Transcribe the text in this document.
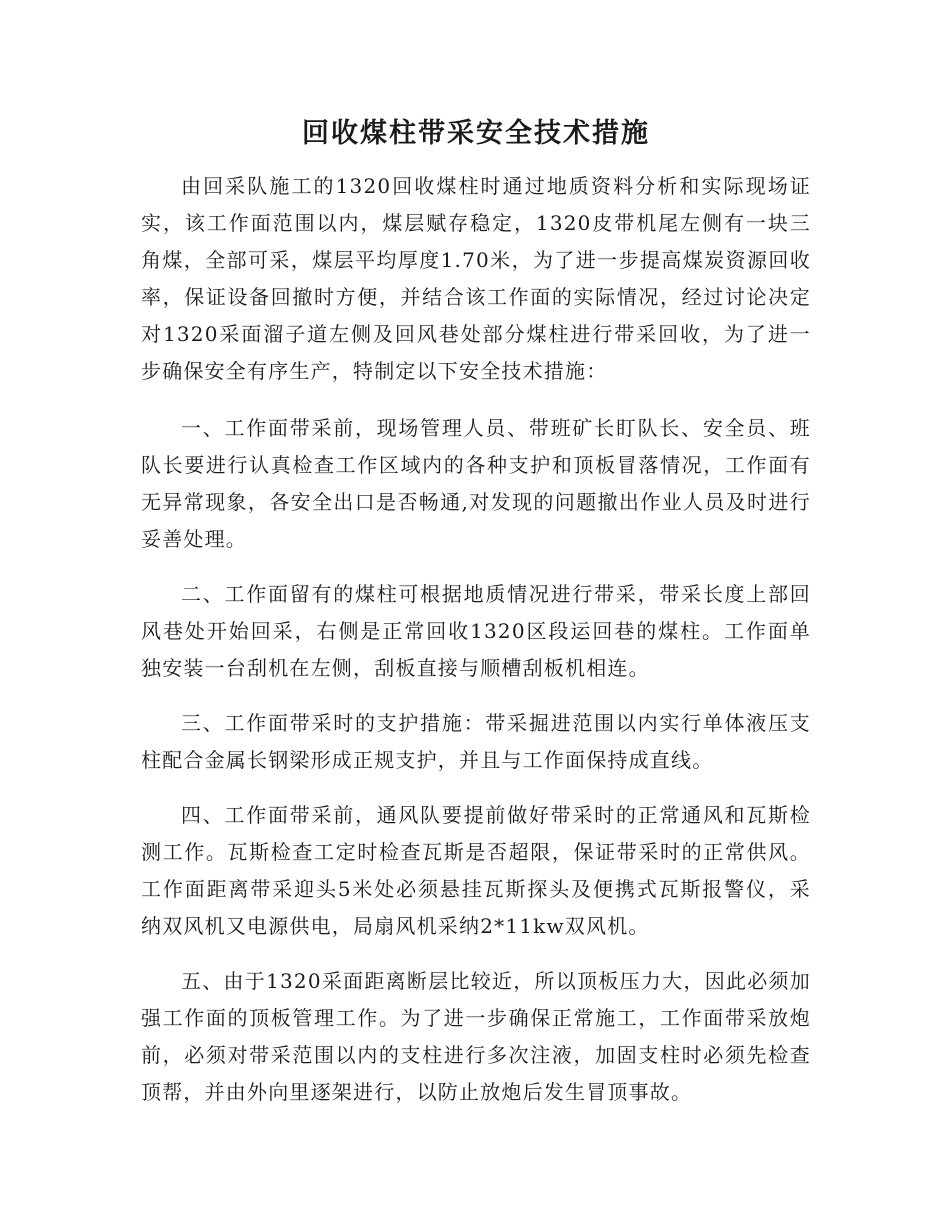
回收煤柱带采安全技术措施

由回采队施工的1320回收煤柱时通过地质资料分析和实际现场证实，该工作面范围以内，煤层赋存稳定，1320皮带机尾左侧有一块三角煤，全部可采，煤层平均厚度1.70米，为了进一步提高煤炭资源回收率，保证设备回撤时方便，并结合该工作面的实际情况，经过讨论决定对1320采面溜子道左侧及回风巷处部分煤柱进行带采回收，为了进一步确保安全有序生产，特制定以下安全技术措施：

一、工作面带采前，现场管理人员、带班矿长盯队长、安全员、班队长要进行认真检查工作区域内的各种支护和顶板冒落情况，工作面有无异常现象，各安全出口是否畅通,对发现的问题撤出作业人员及时进行妥善处理。

二、工作面留有的煤柱可根据地质情况进行带采，带采长度上部回风巷处开始回采，右侧是正常回收1320区段运回巷的煤柱。工作面单独安装一台刮机在左侧，刮板直接与顺槽刮板机相连。

三、工作面带采时的支护措施：带采掘进范围以内实行单体液压支柱配合金属长钢梁形成正规支护，并且与工作面保持成直线。

四、工作面带采前，通风队要提前做好带采时的正常通风和瓦斯检测工作。瓦斯检查工定时检查瓦斯是否超限，保证带采时的正常供风。工作面距离带采迎头5米处必须悬挂瓦斯探头及便携式瓦斯报警仪，采纳双风机又电源供电，局扇风机采纳2*11kw双风机。

五、由于1320采面距离断层比较近，所以顶板压力大，因此必须加强工作面的顶板管理工作。为了进一步确保正常施工，工作面带采放炮前，必须对带采范围以内的支柱进行多次注液，加固支柱时必须先检查顶帮，并由外向里逐架进行，以防止放炮后发生冒顶事故。
